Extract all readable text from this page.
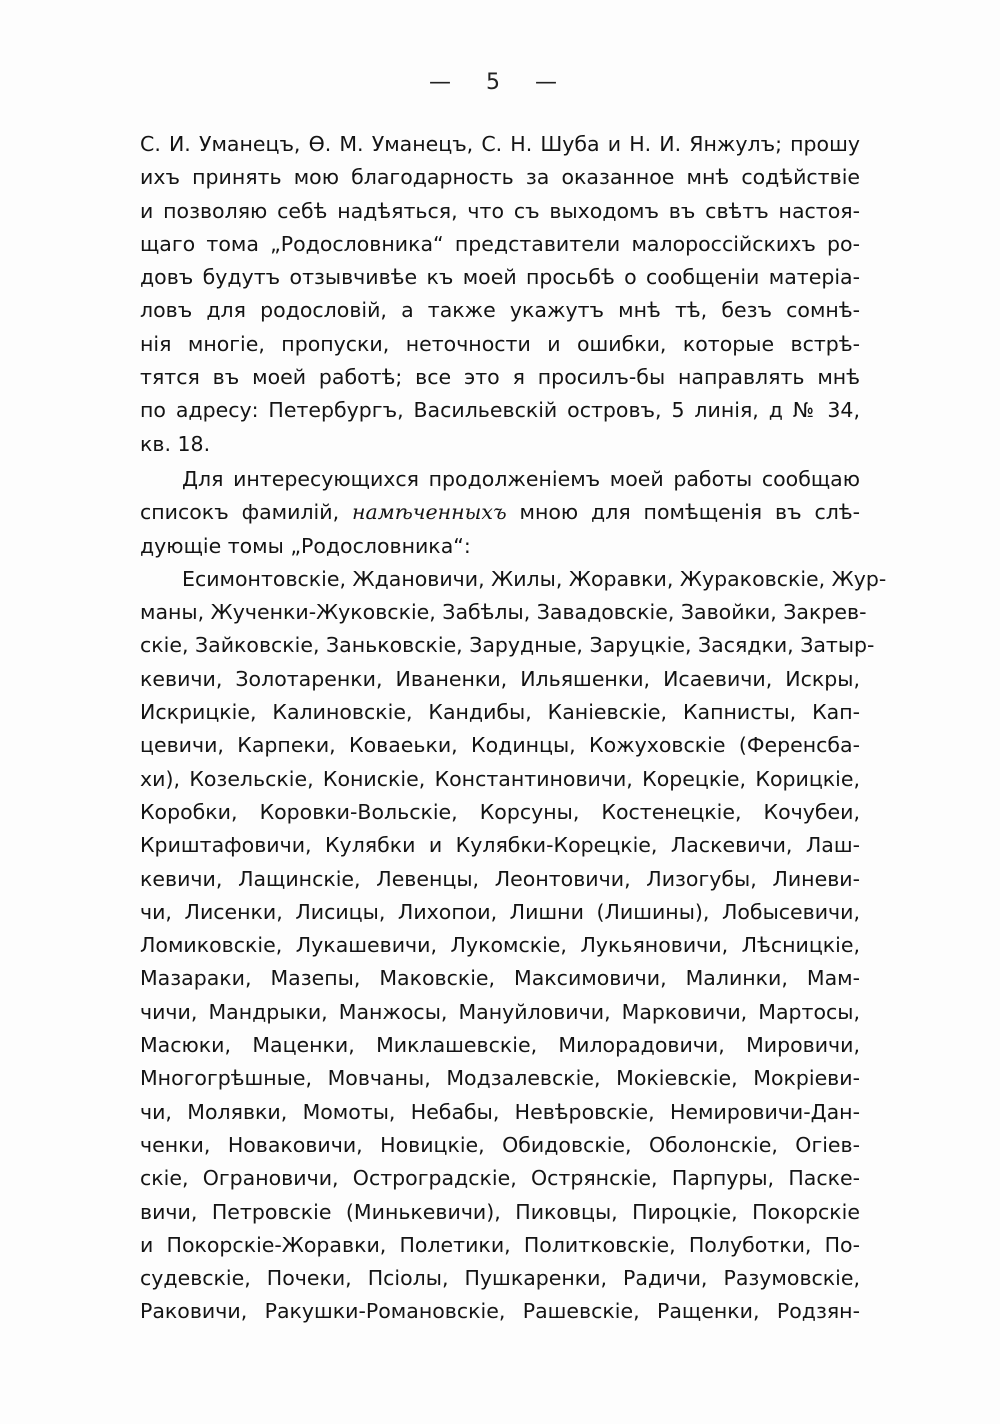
— 5 —
С. И. Уманецъ, Ѳ. М. Уманецъ, С. Н. Шуба и Н. И. Янжулъ; прошу
ихъ принять мою благодарность за оказанное мнѣ содѣйствіе
и позволяю себѣ надѣяться, что съ выходомъ въ свѣтъ настоя-
щаго тома „Родословника“ представители малороссійскихъ ро-
довъ будутъ отзывчивѣе къ моей просьбѣ о сообщеніи матеріа-
ловъ для родословій, а также укажутъ мнѣ тѣ, безъ сомнѣ-
нія многіе, пропуски, неточности и ошибки, которые встрѣ-
тятся въ моей работѣ; все это я просилъ-бы направлять мнѣ
по адресу: Петербургъ, Васильевскій островъ, 5 линія, д № 34,
кв. 18.
Для интересующихся продолженіемъ моей работы сообщаю
списокъ фамилій, намѣченныхъ мною для помѣщенія въ слѣ-
дующіе томы „Родословника“:
Есимонтовскіе, Ждановичи, Жилы, Жоравки, Жураковскіе, Жур-
маны, Жученки-Жуковскіе, Забѣлы, Завадовскіе, Завойки, Закрев-
скіе, Зайковскіе, Заньковскіе, Зарудные, Заруцкіе, Засядки, Затыр-
кевичи, Золотаренки, Иваненки, Ильяшенки, Исаевичи, Искры,
Искрицкіе, Калиновскіе, Кандибы, Каніевскіе, Капнисты, Кап-
цевичи, Карпеки, Коваеьки, Кодинцы, Кожуховскіе (Ференсба-
хи), Козельскіе, Конискіе, Константиновичи, Корецкіе, Корицкіе,
Коробки, Коровки-Вольскіе, Корсуны, Костенецкіе, Кочубеи,
Криштафовичи, Кулябки и Кулябки-Корецкіе, Ласкевичи, Лаш-
кевичи, Лащинскіе, Левенцы, Леонтовичи, Лизогубы, Линеви-
чи, Лисенки, Лисицы, Лихопои, Лишни (Лишины), Лобысевичи,
Ломиковскіе, Лукашевичи, Лукомскіе, Лукьяновичи, Лѣсницкіе,
Мазараки, Мазепы, Маковскіе, Максимовичи, Малинки, Мам-
чичи, Мандрыки, Манжосы, Мануйловичи, Марковичи, Мартосы,
Масюки, Маценки, Миклашевскіе, Милорадовичи, Мировичи,
Многогрѣшные, Мовчаны, Модзалевскіе, Мокіевскіе, Мокріеви-
чи, Молявки, Момоты, Небабы, Невѣровскіе, Немировичи-Дан-
ченки, Новаковичи, Новицкіе, Обидовскіе, Оболонскіе, Огіев-
скіе, Ограновичи, Остроградскіе, Острянскіе, Парпуры, Паске-
вичи, Петровскіе (Минькевичи), Пиковцы, Пироцкіе, Покорскіе
и Покорскіе-Жоравки, Полетики, Политковскіе, Полуботки, По-
судевскіе, Почеки, Псіолы, Пушкаренки, Радичи, Разумовскіе,
Раковичи, Ракушки-Романовскіе, Рашевскіе, Ращенки, Родзян-
